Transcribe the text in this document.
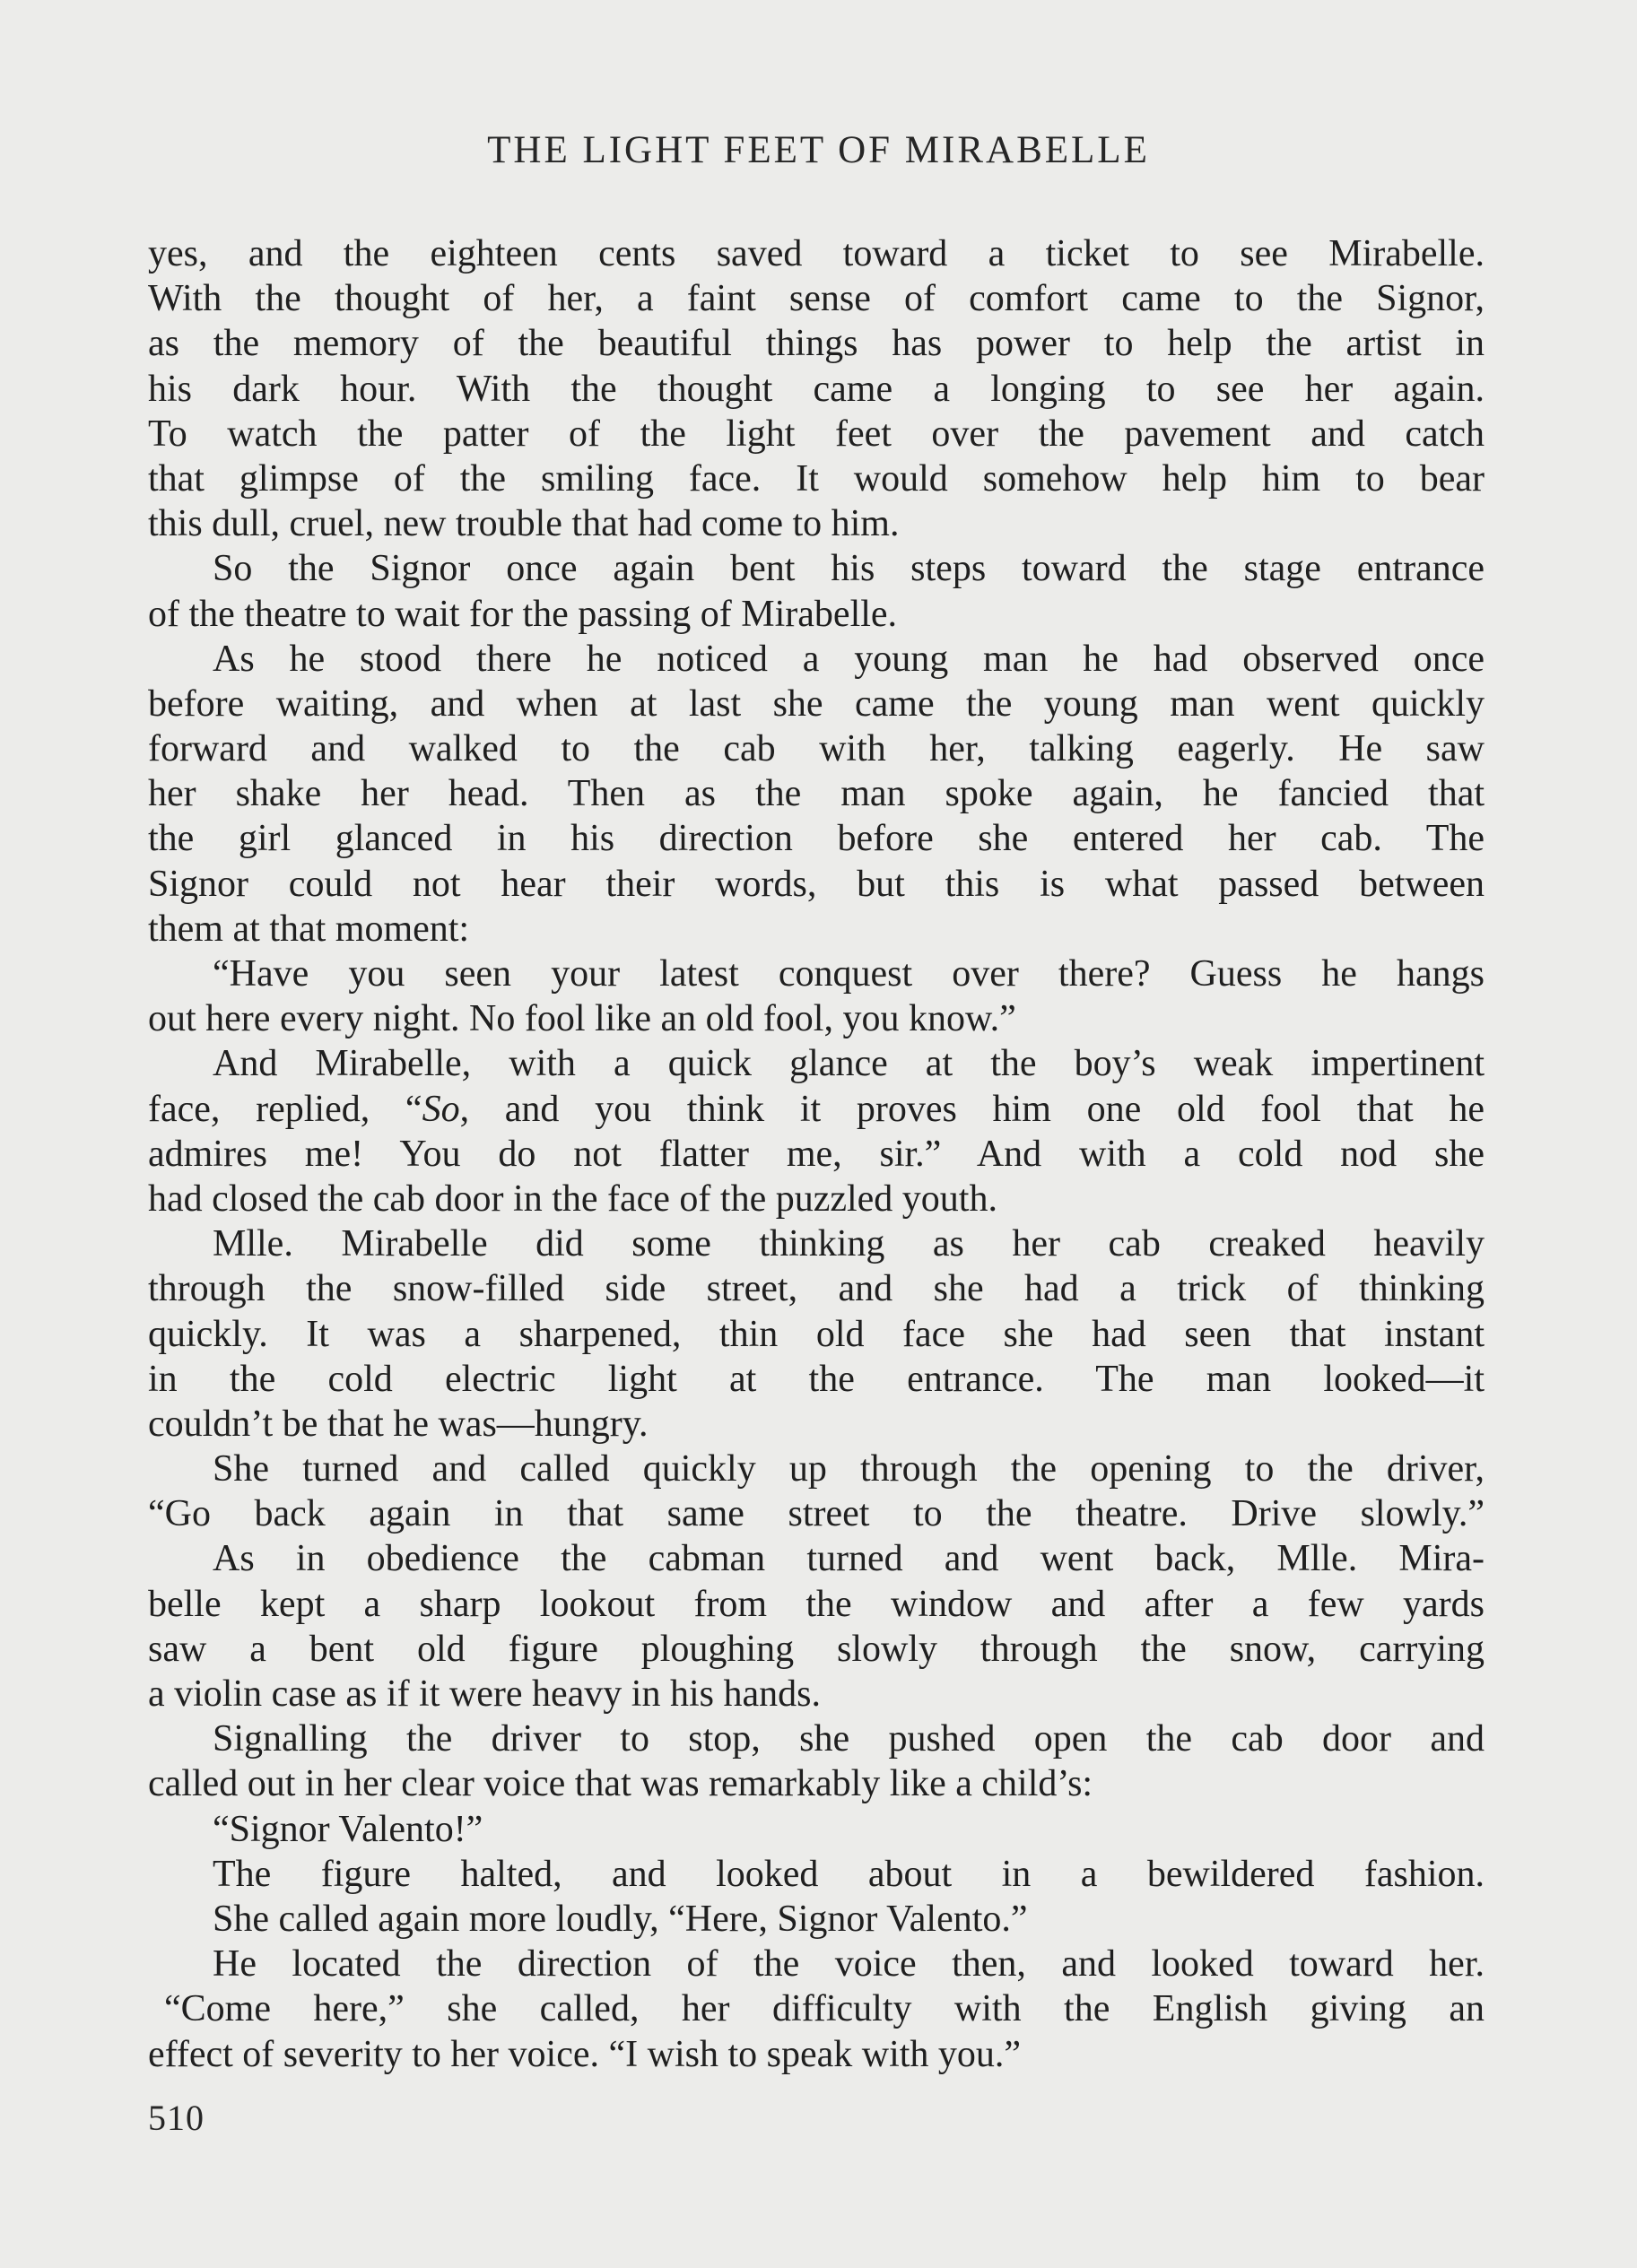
THE LIGHT FEET OF MIRABELLE
yes, and the eighteen cents saved toward a ticket to see Mirabelle.
With the thought of her, a faint sense of comfort came to the Signor,
as the memory of the beautiful things has power to help the artist in
his dark hour. With the thought came a longing to see her again.
To watch the patter of the light feet over the pavement and catch
that glimpse of the smiling face. It would somehow help him to bear
this dull, cruel, new trouble that had come to him.
So the Signor once again bent his steps toward the stage entrance
of the theatre to wait for the passing of Mirabelle.
As he stood there he noticed a young man he had observed once
before waiting, and when at last she came the young man went quickly
forward and walked to the cab with her, talking eagerly. He saw
her shake her head. Then as the man spoke again, he fancied that
the girl glanced in his direction before she entered her cab. The
Signor could not hear their words, but this is what passed between
them at that moment:
“Have you seen your latest conquest over there? Guess he hangs
out here every night. No fool like an old fool, you know.”
And Mirabelle, with a quick glance at the boy’s weak impertinent
face, replied, “So, and you think it proves him one old fool that he
admires me! You do not flatter me, sir.” And with a cold nod she
had closed the cab door in the face of the puzzled youth.
Mlle. Mirabelle did some thinking as her cab creaked heavily
through the snow-filled side street, and she had a trick of thinking
quickly. It was a sharpened, thin old face she had seen that instant
in the cold electric light at the entrance. The man looked—it
couldn’t be that he was—hungry.
She turned and called quickly up through the opening to the driver,
“Go back again in that same street to the theatre. Drive slowly.”
As in obedience the cabman turned and went back, Mlle. Mira-
belle kept a sharp lookout from the window and after a few yards
saw a bent old figure ploughing slowly through the snow, carrying
a violin case as if it were heavy in his hands.
Signalling the driver to stop, she pushed open the cab door and
called out in her clear voice that was remarkably like a child’s:
“Signor Valento!”
The figure halted, and looked about in a bewildered fashion.
She called again more loudly, “Here, Signor Valento.”
He located the direction of the voice then, and looked toward her.
“Come here,” she called, her difficulty with the English giving an
effect of severity to her voice. “I wish to speak with you.”
510
